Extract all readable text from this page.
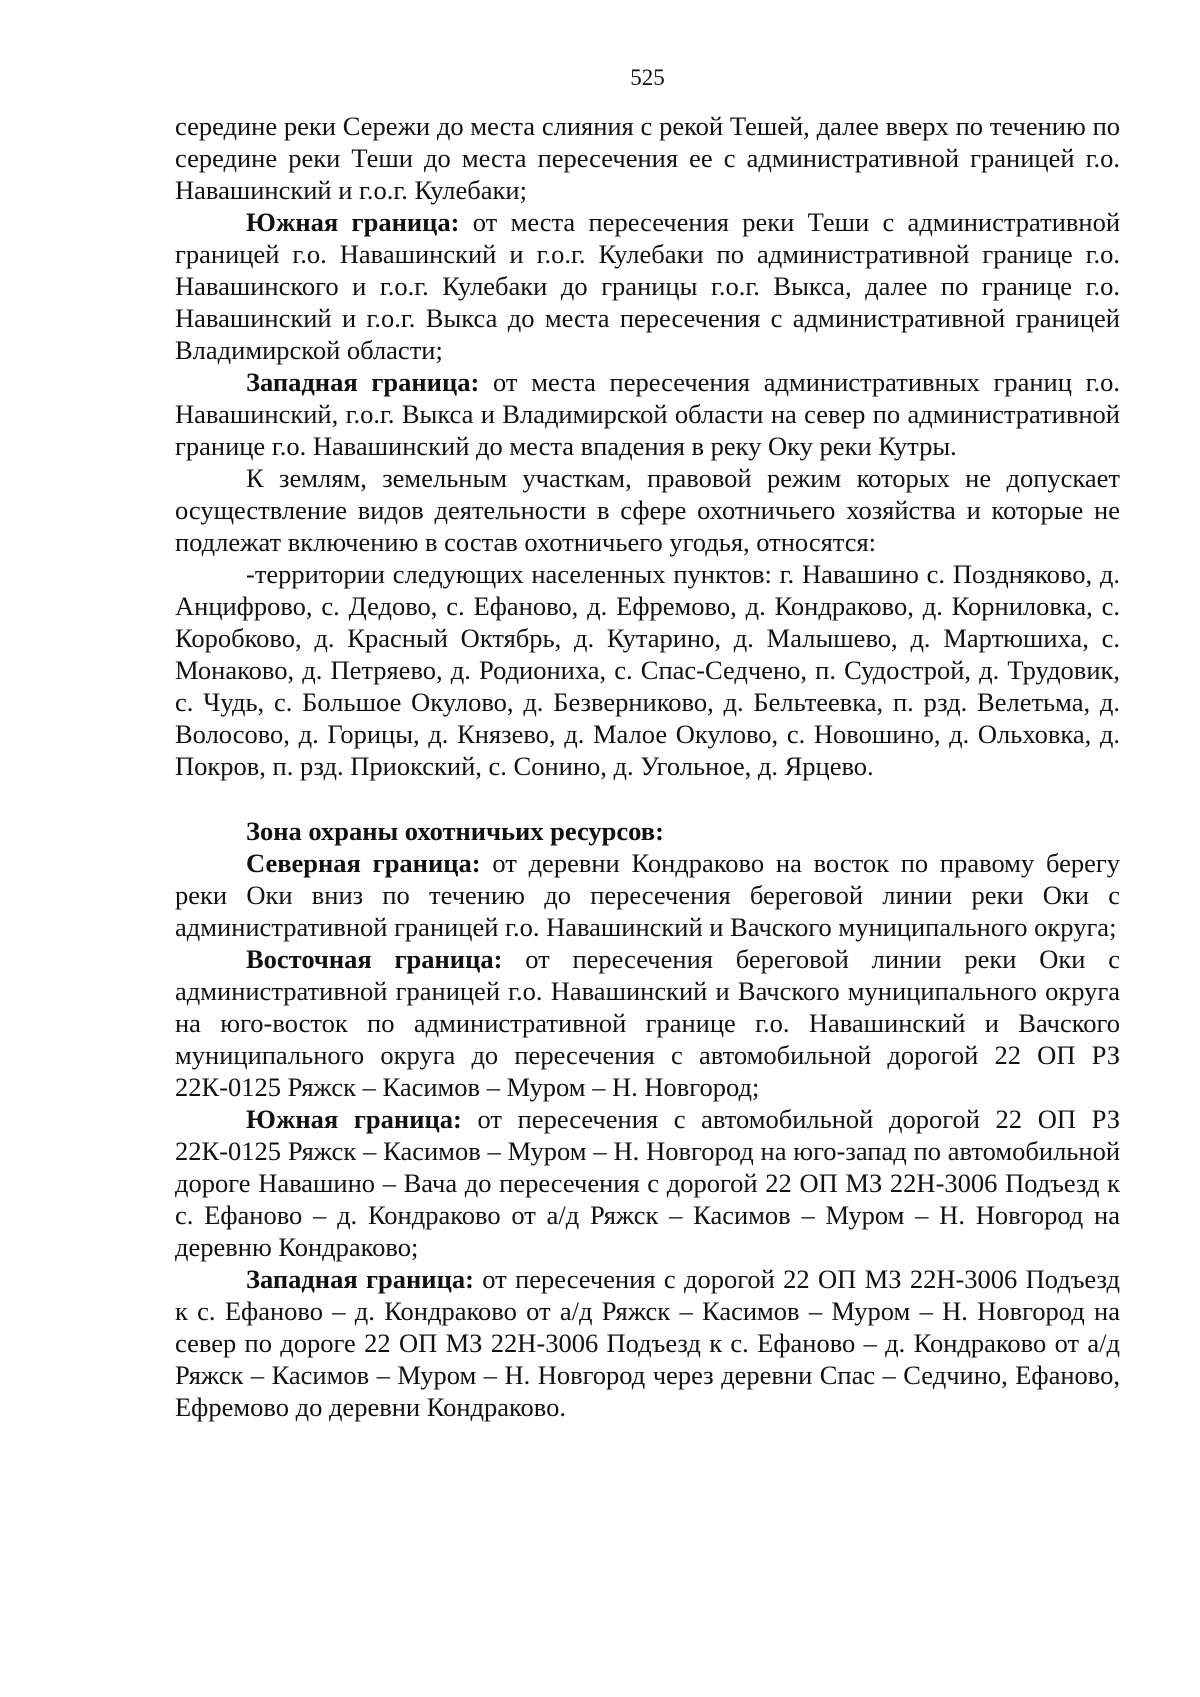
525

середине реки Сережи до места слияния с рекой Тешей, далее вверх по течению по середине реки Теши до места пересечения ее с административной границей г.о. Навашинский и г.о.г. Кулебаки;

Южная граница: от места пересечения реки Теши с административной границей г.о. Навашинский и г.о.г. Кулебаки по административной границе г.о. Навашинского и г.о.г. Кулебаки до границы г.о.г. Выкса, далее по границе г.о. Навашинский и г.о.г. Выкса до места пересечения с административной границей Владимирской области;

Западная граница: от места пересечения административных границ г.о. Навашинский, г.о.г. Выкса и Владимирской области на север по административной границе г.о. Навашинский до места впадения в реку Оку реки Кутры.

К землям, земельным участкам, правовой режим которых не допускает осуществление видов деятельности в сфере охотничьего хозяйства и которые не подлежат включению в состав охотничьего угодья, относятся:

-территории следующих населенных пунктов: г. Навашино с. Поздняково, д. Анцифрово, с. Дедово, с. Ефаново, д. Ефремово, д. Кондраково, д. Корниловка, с. Коробково, д. Красный Октябрь, д. Кутарино, д. Малышево, д. Мартюшиха, с. Монаково, д. Петряево, д. Родиониха, с. Спас-Седчено, п. Судострой, д. Трудовик, с. Чудь, с. Большое Окулово, д. Безверниково, д. Бельтеевка, п. рзд. Велетьма, д. Волосово, д. Горицы, д. Князево, д. Малое Окулово, с. Новошино, д. Ольховка, д. Покров, п. рзд. Приокский, с. Сонино, д. Угольное, д. Ярцево.

Зона охраны охотничьих ресурсов:

Северная граница: от деревни Кондраково на восток по правому берегу реки Оки вниз по течению до пересечения береговой линии реки Оки с административной границей г.о. Навашинский и Вачского муниципального округа;

Восточная граница: от пересечения береговой линии реки Оки с административной границей г.о. Навашинский и Вачского муниципального округа на юго-восток по административной границе г.о. Навашинский и Вачского муниципального округа до пересечения с автомобильной дорогой 22 ОП РЗ 22К-0125 Ряжск – Касимов – Муром – Н. Новгород;

Южная граница: от пересечения с автомобильной дорогой 22 ОП РЗ 22К-0125 Ряжск – Касимов – Муром – Н. Новгород на юго-запад по автомобильной дороге Навашино – Вача до пересечения с дорогой 22 ОП МЗ 22Н-3006 Подъезд к с. Ефаново – д. Кондраково от а/д Ряжск – Касимов – Муром – Н. Новгород на деревню Кондраково;

Западная граница: от пересечения с дорогой 22 ОП МЗ 22Н-3006 Подъезд к с. Ефаново – д. Кондраково от а/д Ряжск – Касимов – Муром – Н. Новгород на север по дороге 22 ОП МЗ 22Н-3006 Подъезд к с. Ефаново – д. Кондраково от а/д Ряжск – Касимов – Муром – Н. Новгород через деревни Спас – Седчино, Ефаново, Ефремово до деревни Кондраково.
